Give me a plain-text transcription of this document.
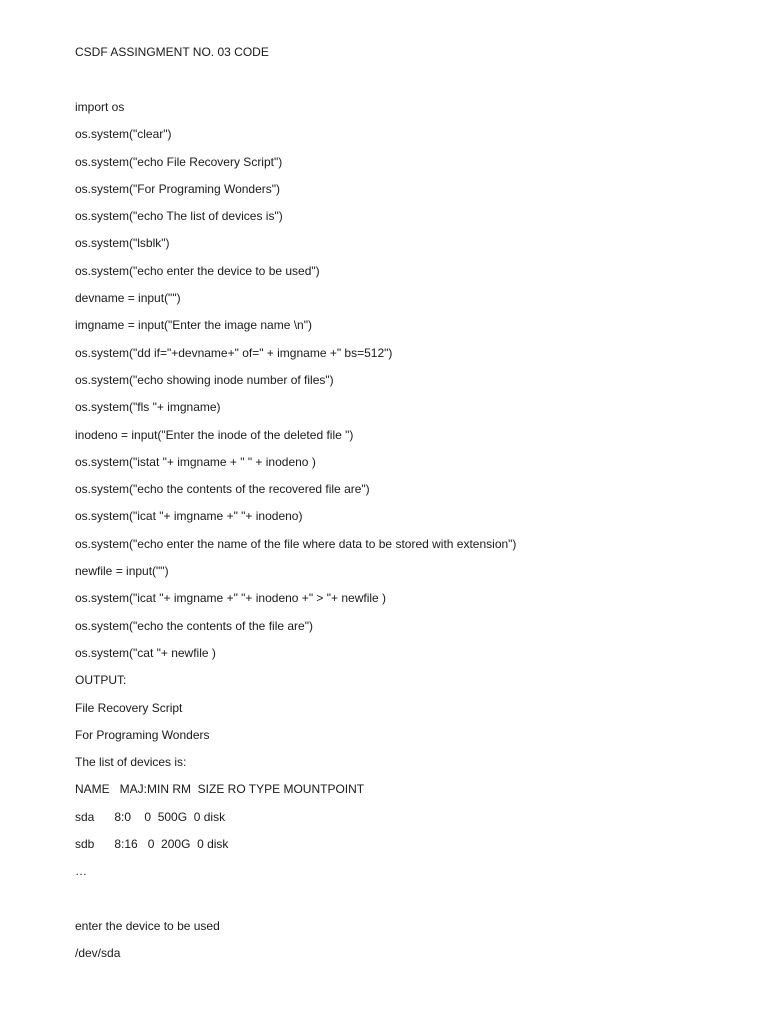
CSDF ASSINGMENT NO. 03 CODE
import os
os.system("clear")
os.system("echo File Recovery Script")
os.system("For Programing Wonders")
os.system("echo The list of devices is")
os.system("lsblk")
os.system("echo enter the device to be used")
devname = input("")
imgname = input("Enter the image name \n")
os.system("dd if="+devname+" of=" + imgname +" bs=512")
os.system("echo showing inode number of files")
os.system("fls "+ imgname)
inodeno = input("Enter the inode of the deleted file ")
os.system("istat "+ imgname + " " + inodeno )
os.system("echo the contents of the recovered file are")
os.system("icat "+ imgname +" "+ inodeno)
os.system("echo enter the name of the file where data to be stored with extension")
newfile = input("")
os.system("icat "+ imgname +" "+ inodeno +" > "+ newfile )
os.system("echo the contents of the file are")
os.system("cat "+ newfile )
OUTPUT:
File Recovery Script
For Programing Wonders
The list of devices is:
NAME   MAJ:MIN RM  SIZE RO TYPE MOUNTPOINT
sda      8:0    0  500G  0 disk
sdb      8:16   0  200G  0 disk
…
enter the device to be used
/dev/sda
